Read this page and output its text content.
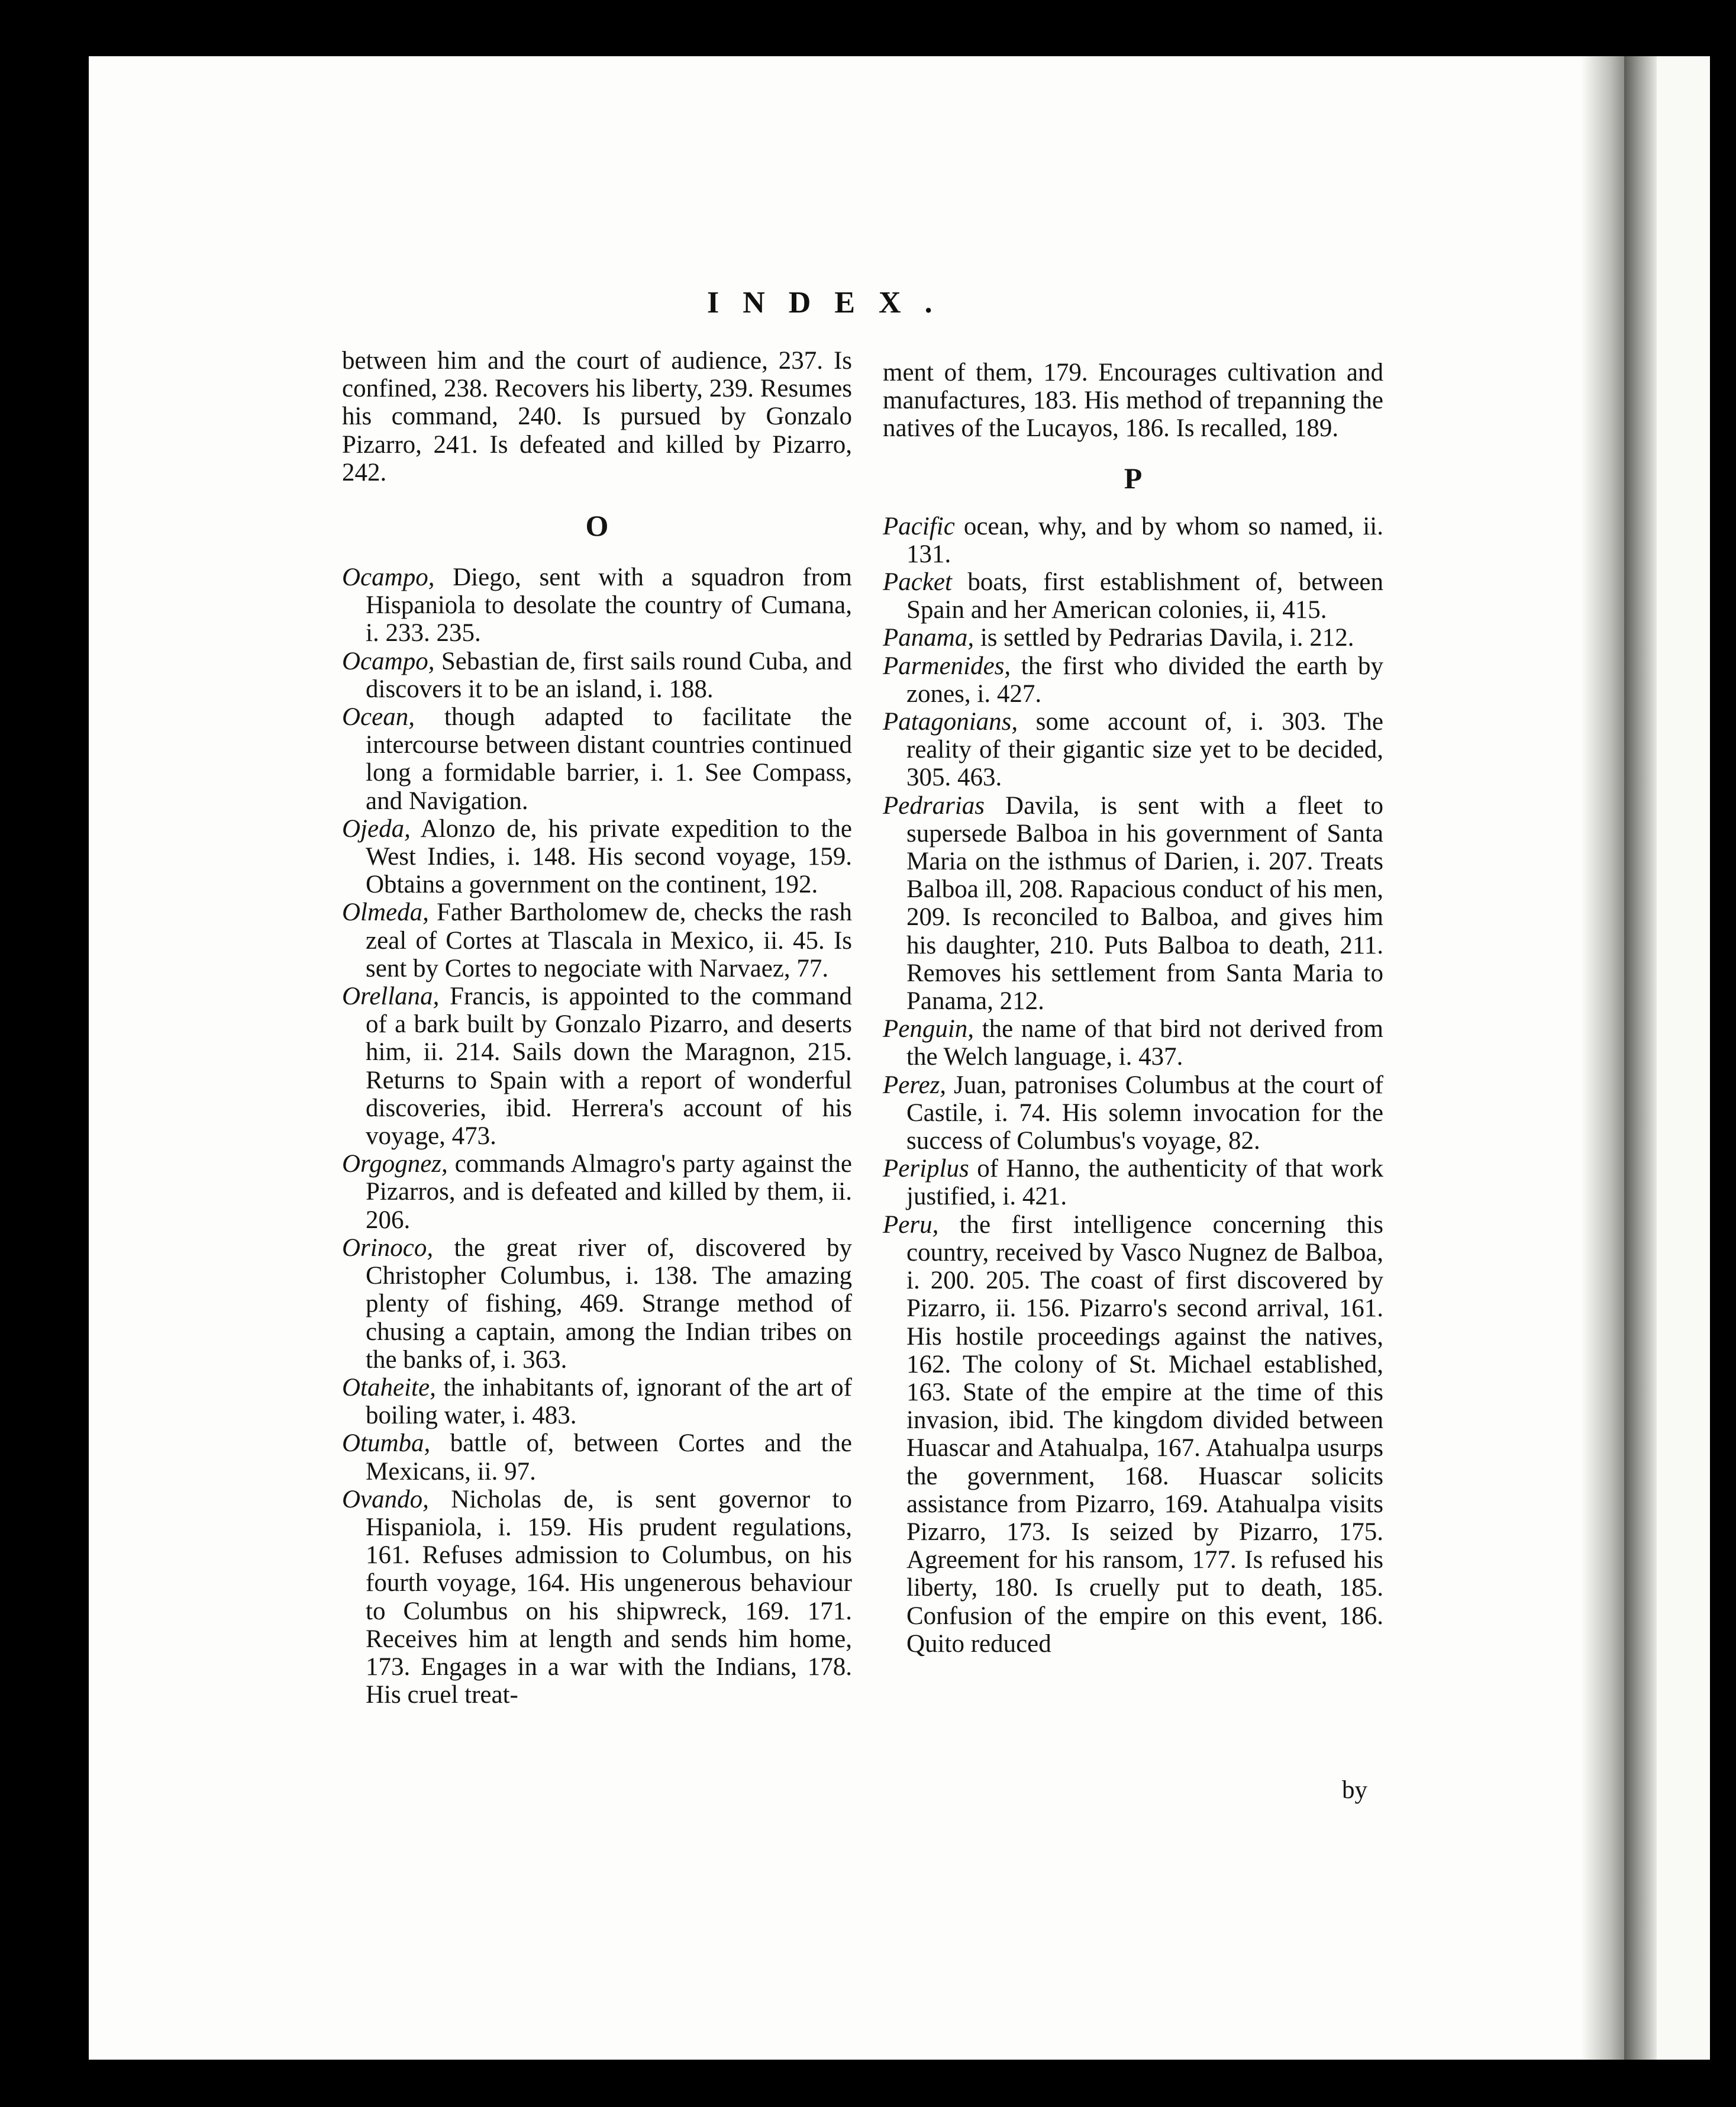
INDEX.

between him and the court of audience, 237. Is confined, 238. Recovers his liberty, 239. Resumes his command, 240. Is pursued by Gonzalo Pizarro, 241. Is defeated and killed by Pizarro, 242.

O

Ocampo, Diego, sent with a squadron from Hispaniola to desolate the country of Cumana, i. 233. 235.

Ocampo, Sebastian de, first sails round Cuba, and discovers it to be an island, i. 188.

Ocean, though adapted to facilitate the intercourse between distant countries continued long a formidable barrier, i. 1. See Compass, and Navigation.

Ojeda, Alonzo de, his private expedition to the West Indies, i. 148. His second voyage, 159. Obtains a government on the continent, 192.

Olmeda, Father Bartholomew de, checks the rash zeal of Cortes at Tlascala in Mexico, ii. 45. Is sent by Cortes to negociate with Narvaez, 77.

Orellana, Francis, is appointed to the command of a bark built by Gonzalo Pizarro, and deserts him, ii. 214. Sails down the Maragnon, 215. Returns to Spain with a report of wonderful discoveries, ibid. Herrera's account of his voyage, 473.

Orgognez, commands Almagro's party against the Pizarros, and is defeated and killed by them, ii. 206.

Orinoco, the great river of, discovered by Christopher Columbus, i. 138. The amazing plenty of fishing, 469. Strange method of chusing a captain, among the Indian tribes on the banks of, i. 363.

Otaheite, the inhabitants of, ignorant of the art of boiling water, i. 483.

Otumba, battle of, between Cortes and the Mexicans, ii. 97.

Ovando, Nicholas de, is sent governor to Hispaniola, i. 159. His prudent regulations, 161. Refuses admission to Columbus, on his fourth voyage, 164. His ungenerous behaviour to Columbus on his shipwreck, 169. 171. Receives him at length and sends him home, 173. Engages in a war with the Indians, 178. His cruel treat-

ment of them, 179. Encourages cultivation and manufactures, 183. His method of trepanning the natives of the Lucayos, 186. Is recalled, 189.

P

Pacific ocean, why, and by whom so named, ii. 131.

Packet boats, first establishment of, between Spain and her American colonies, ii, 415.

Panama, is settled by Pedrarias Davila, i. 212.

Parmenides, the first who divided the earth by zones, i. 427.

Patagonians, some account of, i. 303. The reality of their gigantic size yet to be decided, 305. 463.

Pedrarias Davila, is sent with a fleet to supersede Balboa in his government of Santa Maria on the isthmus of Darien, i. 207. Treats Balboa ill, 208. Rapacious conduct of his men, 209. Is reconciled to Balboa, and gives him his daughter, 210. Puts Balboa to death, 211. Removes his settlement from Santa Maria to Panama, 212.

Penguin, the name of that bird not derived from the Welch language, i. 437.

Perez, Juan, patronises Columbus at the court of Castile, i. 74. His solemn invocation for the success of Columbus's voyage, 82.

Periplus of Hanno, the authenticity of that work justified, i. 421.

Peru, the first intelligence concerning this country, received by Vasco Nugnez de Balboa, i. 200. 205. The coast of first discovered by Pizarro, ii. 156. Pizarro's second arrival, 161. His hostile proceedings against the natives, 162. The colony of St. Michael established, 163. State of the empire at the time of this invasion, ibid. The kingdom divided between Huascar and Atahualpa, 167. Atahualpa usurps the government, 168. Huascar solicits assistance from Pizarro, 169. Atahualpa visits Pizarro, 173. Is seized by Pizarro, 175. Agreement for his ransom, 177. Is refused his liberty, 180. Is cruelly put to death, 185. Confusion of the empire on this event, 186. Quito reduced

by
